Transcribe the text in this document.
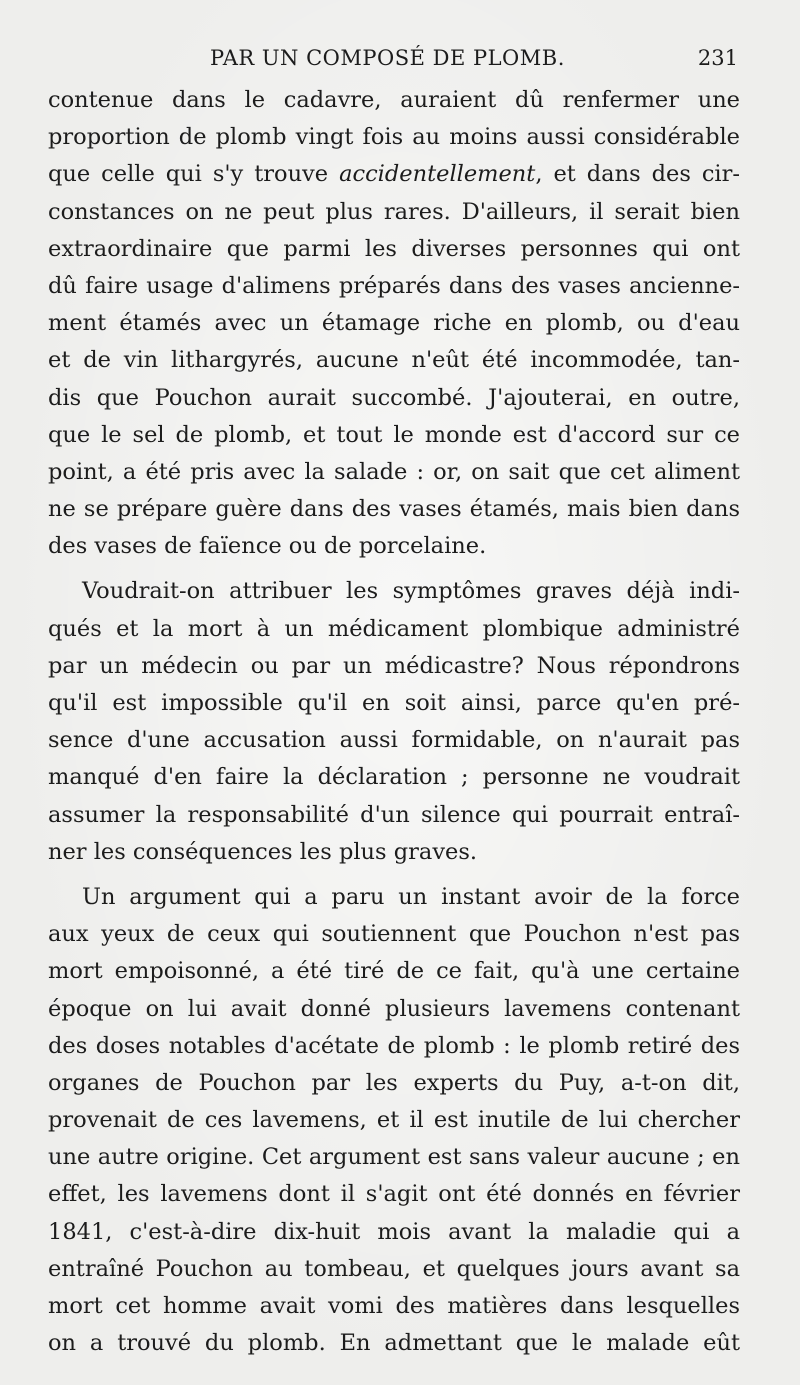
PAR UN COMPOSÉ DE PLOMB.	231
contenue dans le cadavre, auraient dû renfermer une
proportion de plomb vingt fois au moins aussi considérable
que celle qui s'y trouve accidentellement, et dans des cir-
constances on ne peut plus rares. D'ailleurs, il serait bien
extraordinaire que parmi les diverses personnes qui ont
dû faire usage d'alimens préparés dans des vases ancienne-
ment étamés avec un étamage riche en plomb, ou d'eau
et de vin lithargyrés, aucune n'eût été incommodée, tan-
dis que Pouchon aurait succombé. J'ajouterai, en outre,
que le sel de plomb, et tout le monde est d'accord sur ce
point, a été pris avec la salade : or, on sait que cet aliment
ne se prépare guère dans des vases étamés, mais bien dans
des vases de faïence ou de porcelaine.
Voudrait-on attribuer les symptômes graves déjà indi-
qués et la mort à un médicament plombique administré
par un médecin ou par un médicastre? Nous répondrons
qu'il est impossible qu'il en soit ainsi, parce qu'en pré-
sence d'une accusation aussi formidable, on n'aurait pas
manqué d'en faire la déclaration ; personne ne voudrait
assumer la responsabilité d'un silence qui pourrait entraî-
ner les conséquences les plus graves.
Un argument qui a paru un instant avoir de la force
aux yeux de ceux qui soutiennent que Pouchon n'est pas
mort empoisonné, a été tiré de ce fait, qu'à une certaine
époque on lui avait donné plusieurs lavemens contenant
des doses notables d'acétate de plomb : le plomb retiré des
organes de Pouchon par les experts du Puy, a-t-on dit,
provenait de ces lavemens, et il est inutile de lui chercher
une autre origine. Cet argument est sans valeur aucune ; en
effet, les lavemens dont il s'agit ont été donnés en février
1841, c'est-à-dire dix-huit mois avant la maladie qui a
entraîné Pouchon au tombeau, et quelques jours avant sa
mort cet homme avait vomi des matières dans lesquelles
on a trouvé du plomb. En admettant que le malade eût
